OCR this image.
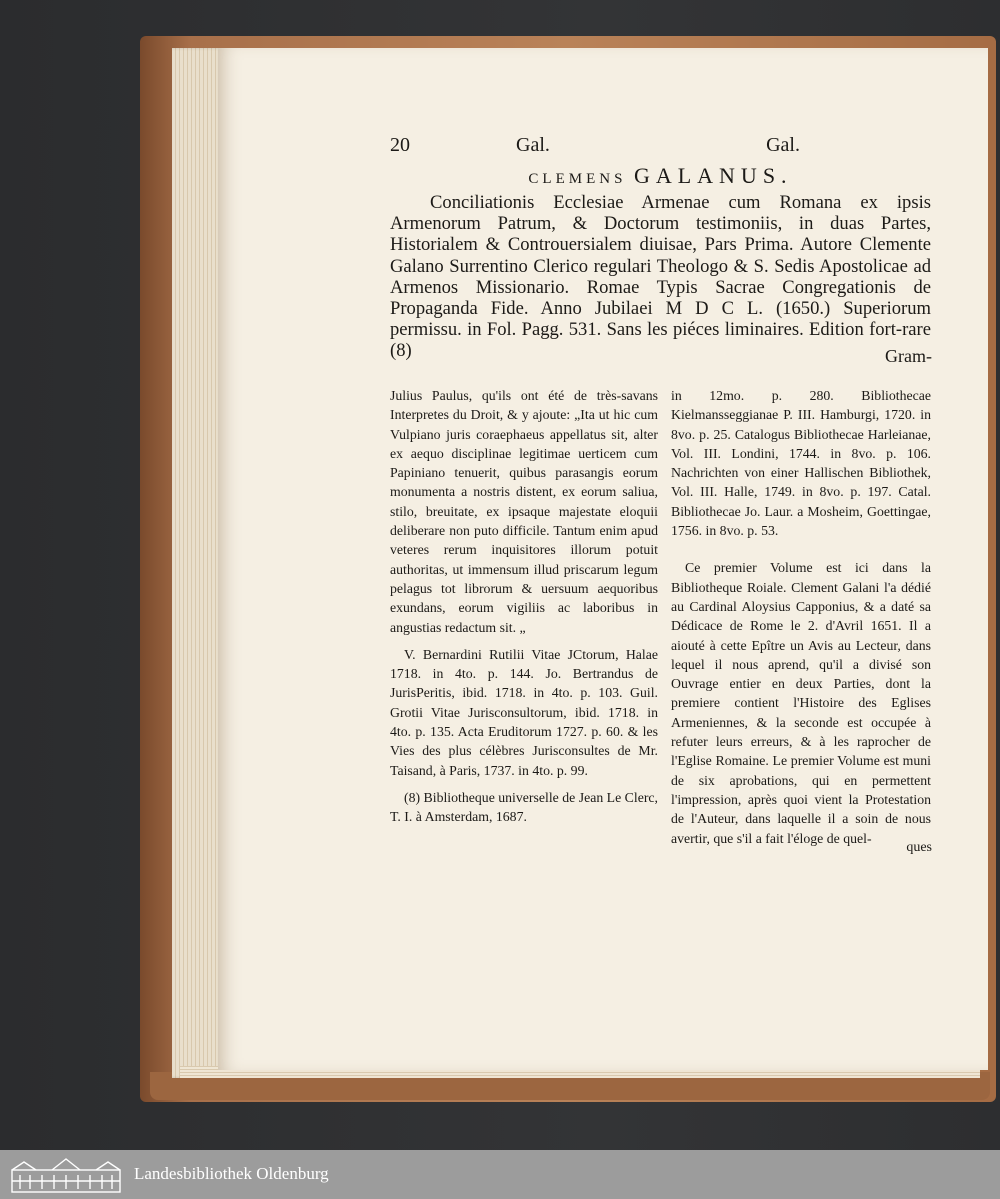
20	Gal.	Gal.
CLEMENS GALANUS.

Conciliationis Ecclesiae Armenae cum Romana ex ipsis Armenorum Patrum, & Doctorum testimoniis, in duas Partes, Historialem & Controuersialem diuisae, Pars Prima. Autore Clemente Galano Surrentino Clerico regulari Theologo & S. Sedis Apostolicae ad Armenos Missionario. Romae Typis Sacrae Congregationis de Propaganda Fide. Anno Jubilaei M D C L. (1650.) Superiorum permissu. in Fol. Pagg. 531. Sans les piéces liminaires. Edition fort-rare (8)	Gram-

Julius Paulus, qu'ils ont été de très-savans Interpretes du Droit, & y ajoute: „Ita ut hic cum Vulpiano juris coraephaeus appellatus sit, alter ex aequo disciplinae legitimae uerticem cum Papiniano tenuerit, quibus parasangis eorum monumenta a nostris distent, ex eorum saliua, stilo, breuitate, ex ipsaque majestate eloquii deliberare non puto difficile. Tantum enim apud veteres rerum inquisitores illorum potuit authoritas, ut immensum illud priscarum legum pelagus tot librorum & uersuum aequoribus exundans, eorum vigiliis ac laboribus in angustias redactum sit. „

V. Bernardini Rutilii Vitae JCtorum, Halae 1718. in 4to. p. 144. Jo. Bertrandus de JurisPeritis, ibid. 1718. in 4to. p. 103. Guil. Grotii Vitae Jurisconsultorum, ibid. 1718. in 4to. p. 135. Acta Eruditorum 1727. p. 60. & les Vies des plus célèbres Jurisconsultes de Mr. Taisand, à Paris, 1737. in 4to. p. 99.

(8) Bibliotheque universelle de Jean Le Clerc, T. I. à Amsterdam, 1687.

in 12mo. p. 280. Bibliothecae Kielmansseggianae P. III. Hamburgi, 1720. in 8vo. p. 25. Catalogus Bibliothecae Harleianae, Vol. III. Londini, 1744. in 8vo. p. 106. Nachrichten von einer Hallischen Bibliothek, Vol. III. Halle, 1749. in 8vo. p. 197. Catal. Bibliothecae Jo. Laur. a Mosheim, Goettingae, 1756. in 8vo. p. 53.

Ce premier Volume est ici dans la Bibliotheque Roiale. Clement Galani l'a dédié au Cardinal Aloysius Capponius, & a daté sa Dédicace de Rome le 2. d'Avril 1651. Il a aiouté à cette Epître un Avis au Lecteur, dans lequel il nous aprend, qu'il a divisé son Ouvrage entier en deux Parties, dont la premiere contient l'Histoire des Eglises Armeniennes, & la seconde est occupée à refuter leurs erreurs, & à les raprocher de l'Eglise Romaine. Le premier Volume est muni de six aprobations, qui en permettent l'impression, après quoi vient la Protestation de l'Auteur, dans laquelle il a soin de nous avertir, que s'il a fait l'éloge de quel-

ques
Landesbibliothek Oldenburg
